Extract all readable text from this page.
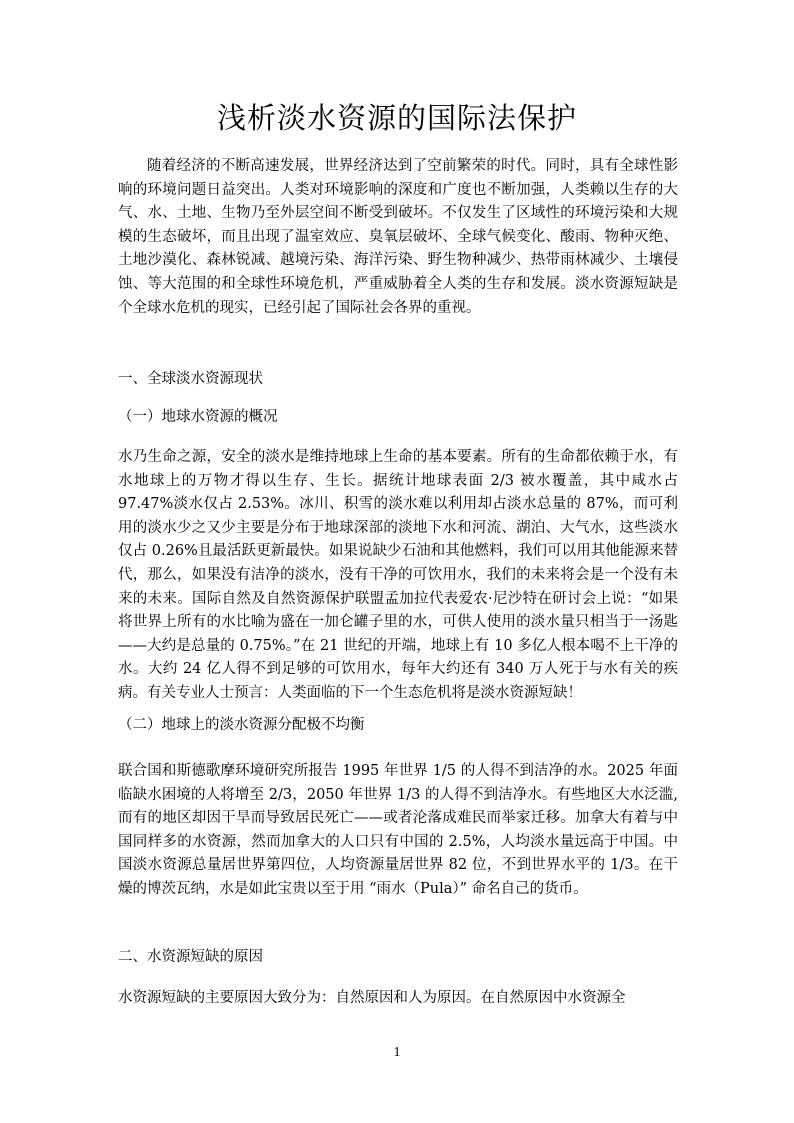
浅析淡水资源的国际法保护

随着经济的不断高速发展，世界经济达到了空前繁荣的时代。同时，具有全球性影响的环境问题日益突出。人类对环境影响的深度和广度也不断加强，人类赖以生存的大气、水、土地、生物乃至外层空间不断受到破坏。不仅发生了区域性的环境污染和大规模的生态破坏，而且出现了温室效应、臭氧层破坏、全球气候变化、酸雨、物种灭绝、土地沙漠化、森林锐减、越境污染、海洋污染、野生物种减少、热带雨林减少、土壤侵蚀、等大范围的和全球性环境危机，严重威胁着全人类的生存和发展。淡水资源短缺是个全球水危机的现实，已经引起了国际社会各界的重视。

一、全球淡水资源现状

（一）地球水资源的概况

水乃生命之源，安全的淡水是维持地球上生命的基本要素。所有的生命都依赖于水，有水地球上的万物才得以生存、生长。据统计地球表面 2/3 被水覆盖，其中咸水占 97.47%淡水仅占 2.53%。冰川、积雪的淡水难以利用却占淡水总量的 87%，而可利用的淡水少之又少主要是分布于地球深部的淡地下水和河流、湖泊、大气水，这些淡水仅占 0.26%且最活跃更新最快。如果说缺少石油和其他燃料，我们可以用其他能源来替代，那么，如果没有洁净的淡水，没有干净的可饮用水，我们的未来将会是一个没有未来的未来。国际自然及自然资源保护联盟孟加拉代表爱农·尼沙特在研讨会上说：“如果将世界上所有的水比喻为盛在一加仑罐子里的水，可供人使用的淡水量只相当于一汤匙——大约是总量的 0.75%。”在 21 世纪的开端，地球上有 10 多亿人根本喝不上干净的水。大约 24 亿人得不到足够的可饮用水，每年大约还有 340 万人死于与水有关的疾病。有关专业人士预言：人类面临的下一个生态危机将是淡水资源短缺！

（二）地球上的淡水资源分配极不均衡

联合国和斯德歌摩环境研究所报告 1995 年世界 1/5 的人得不到洁净的水。2025 年面临缺水困境的人将增至 2/3，2050 年世界 1/3 的人得不到洁净水。有些地区大水泛滥,而有的地区却因干旱而导致居民死亡——或者沦落成难民而举家迁移。加拿大有着与中国同样多的水资源，然而加拿大的人口只有中国的 2.5%，人均淡水量远高于中国。中国淡水资源总量居世界第四位，人均资源量居世界 82 位，不到世界水平的 1/3。在干燥的博茨瓦纳，水是如此宝贵以至于用 “雨水（Pula）” 命名自己的货币。

二、水资源短缺的原因

水资源短缺的主要原因大致分为：自然原因和人为原因。在自然原因中水资源全

1
